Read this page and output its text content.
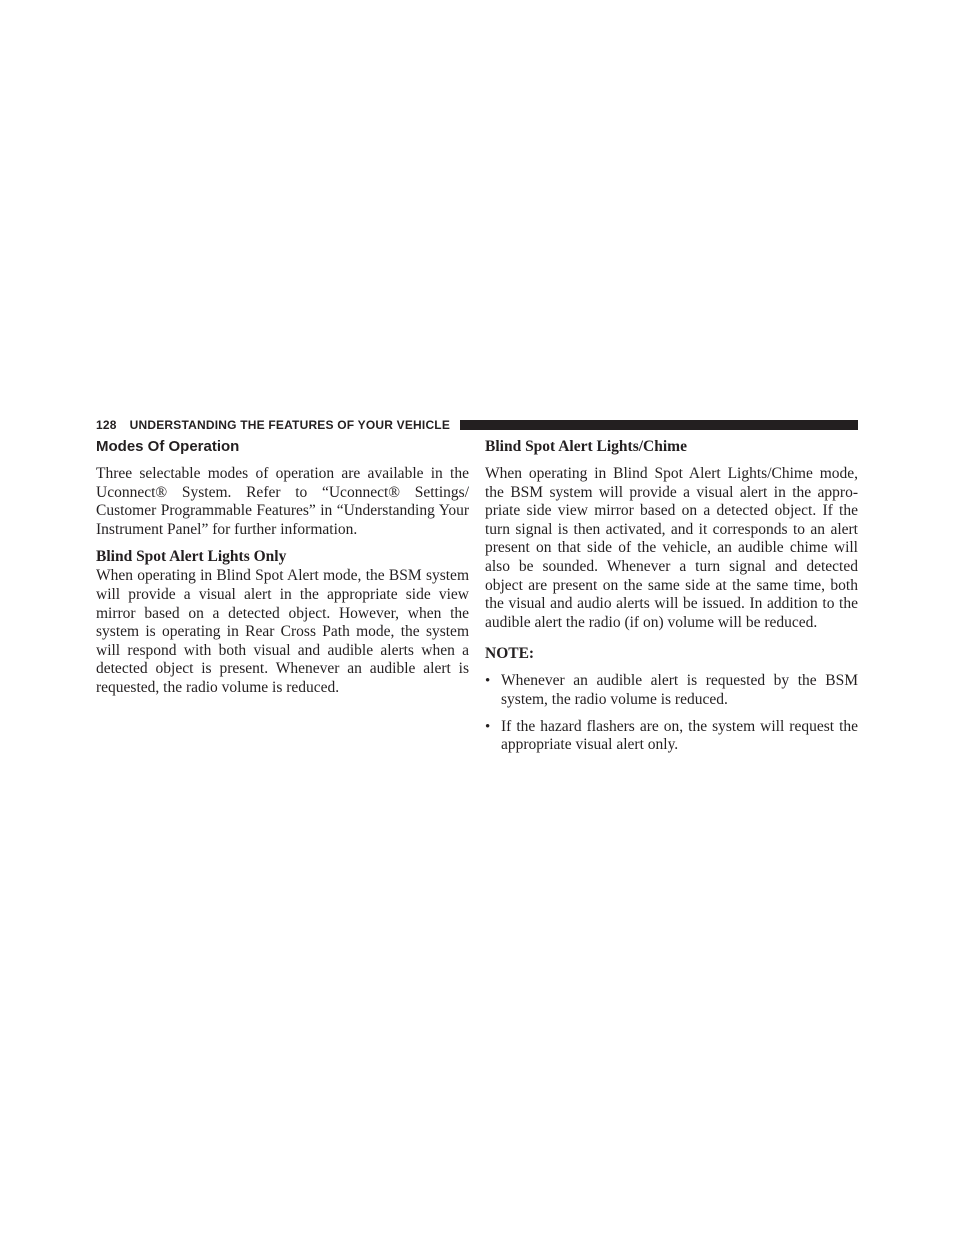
128 UNDERSTANDING THE FEATURES OF YOUR VEHICLE
Modes Of Operation

Three selectable modes of operation are available in the Uconnect® System. Refer to “Uconnect® Settings/ Customer Programmable Features” in “Understanding Your Instrument Panel” for further information.

Blind Spot Alert Lights Only

When operating in Blind Spot Alert mode, the BSM system will provide a visual alert in the appropriate side view mirror based on a detected object. However, when the system is operating in Rear Cross Path mode, the system will respond with both visual and audible alerts when a detected object is present. Whenever an audible alert is requested, the radio volume is reduced.

Blind Spot Alert Lights/Chime

When operating in Blind Spot Alert Lights/Chime mode, the BSM system will provide a visual alert in the appropriate side view mirror based on a detected object. If the turn signal is then activated, and it corresponds to an alert present on that side of the vehicle, an audible chime will also be sounded. Whenever a turn signal and detected object are present on the same side at the same time, both the visual and audio alerts will be issued. In addition to the audible alert the radio (if on) volume will be reduced.

NOTE:
• Whenever an audible alert is requested by the BSM system, the radio volume is reduced.
• If the hazard flashers are on, the system will request the appropriate visual alert only.
